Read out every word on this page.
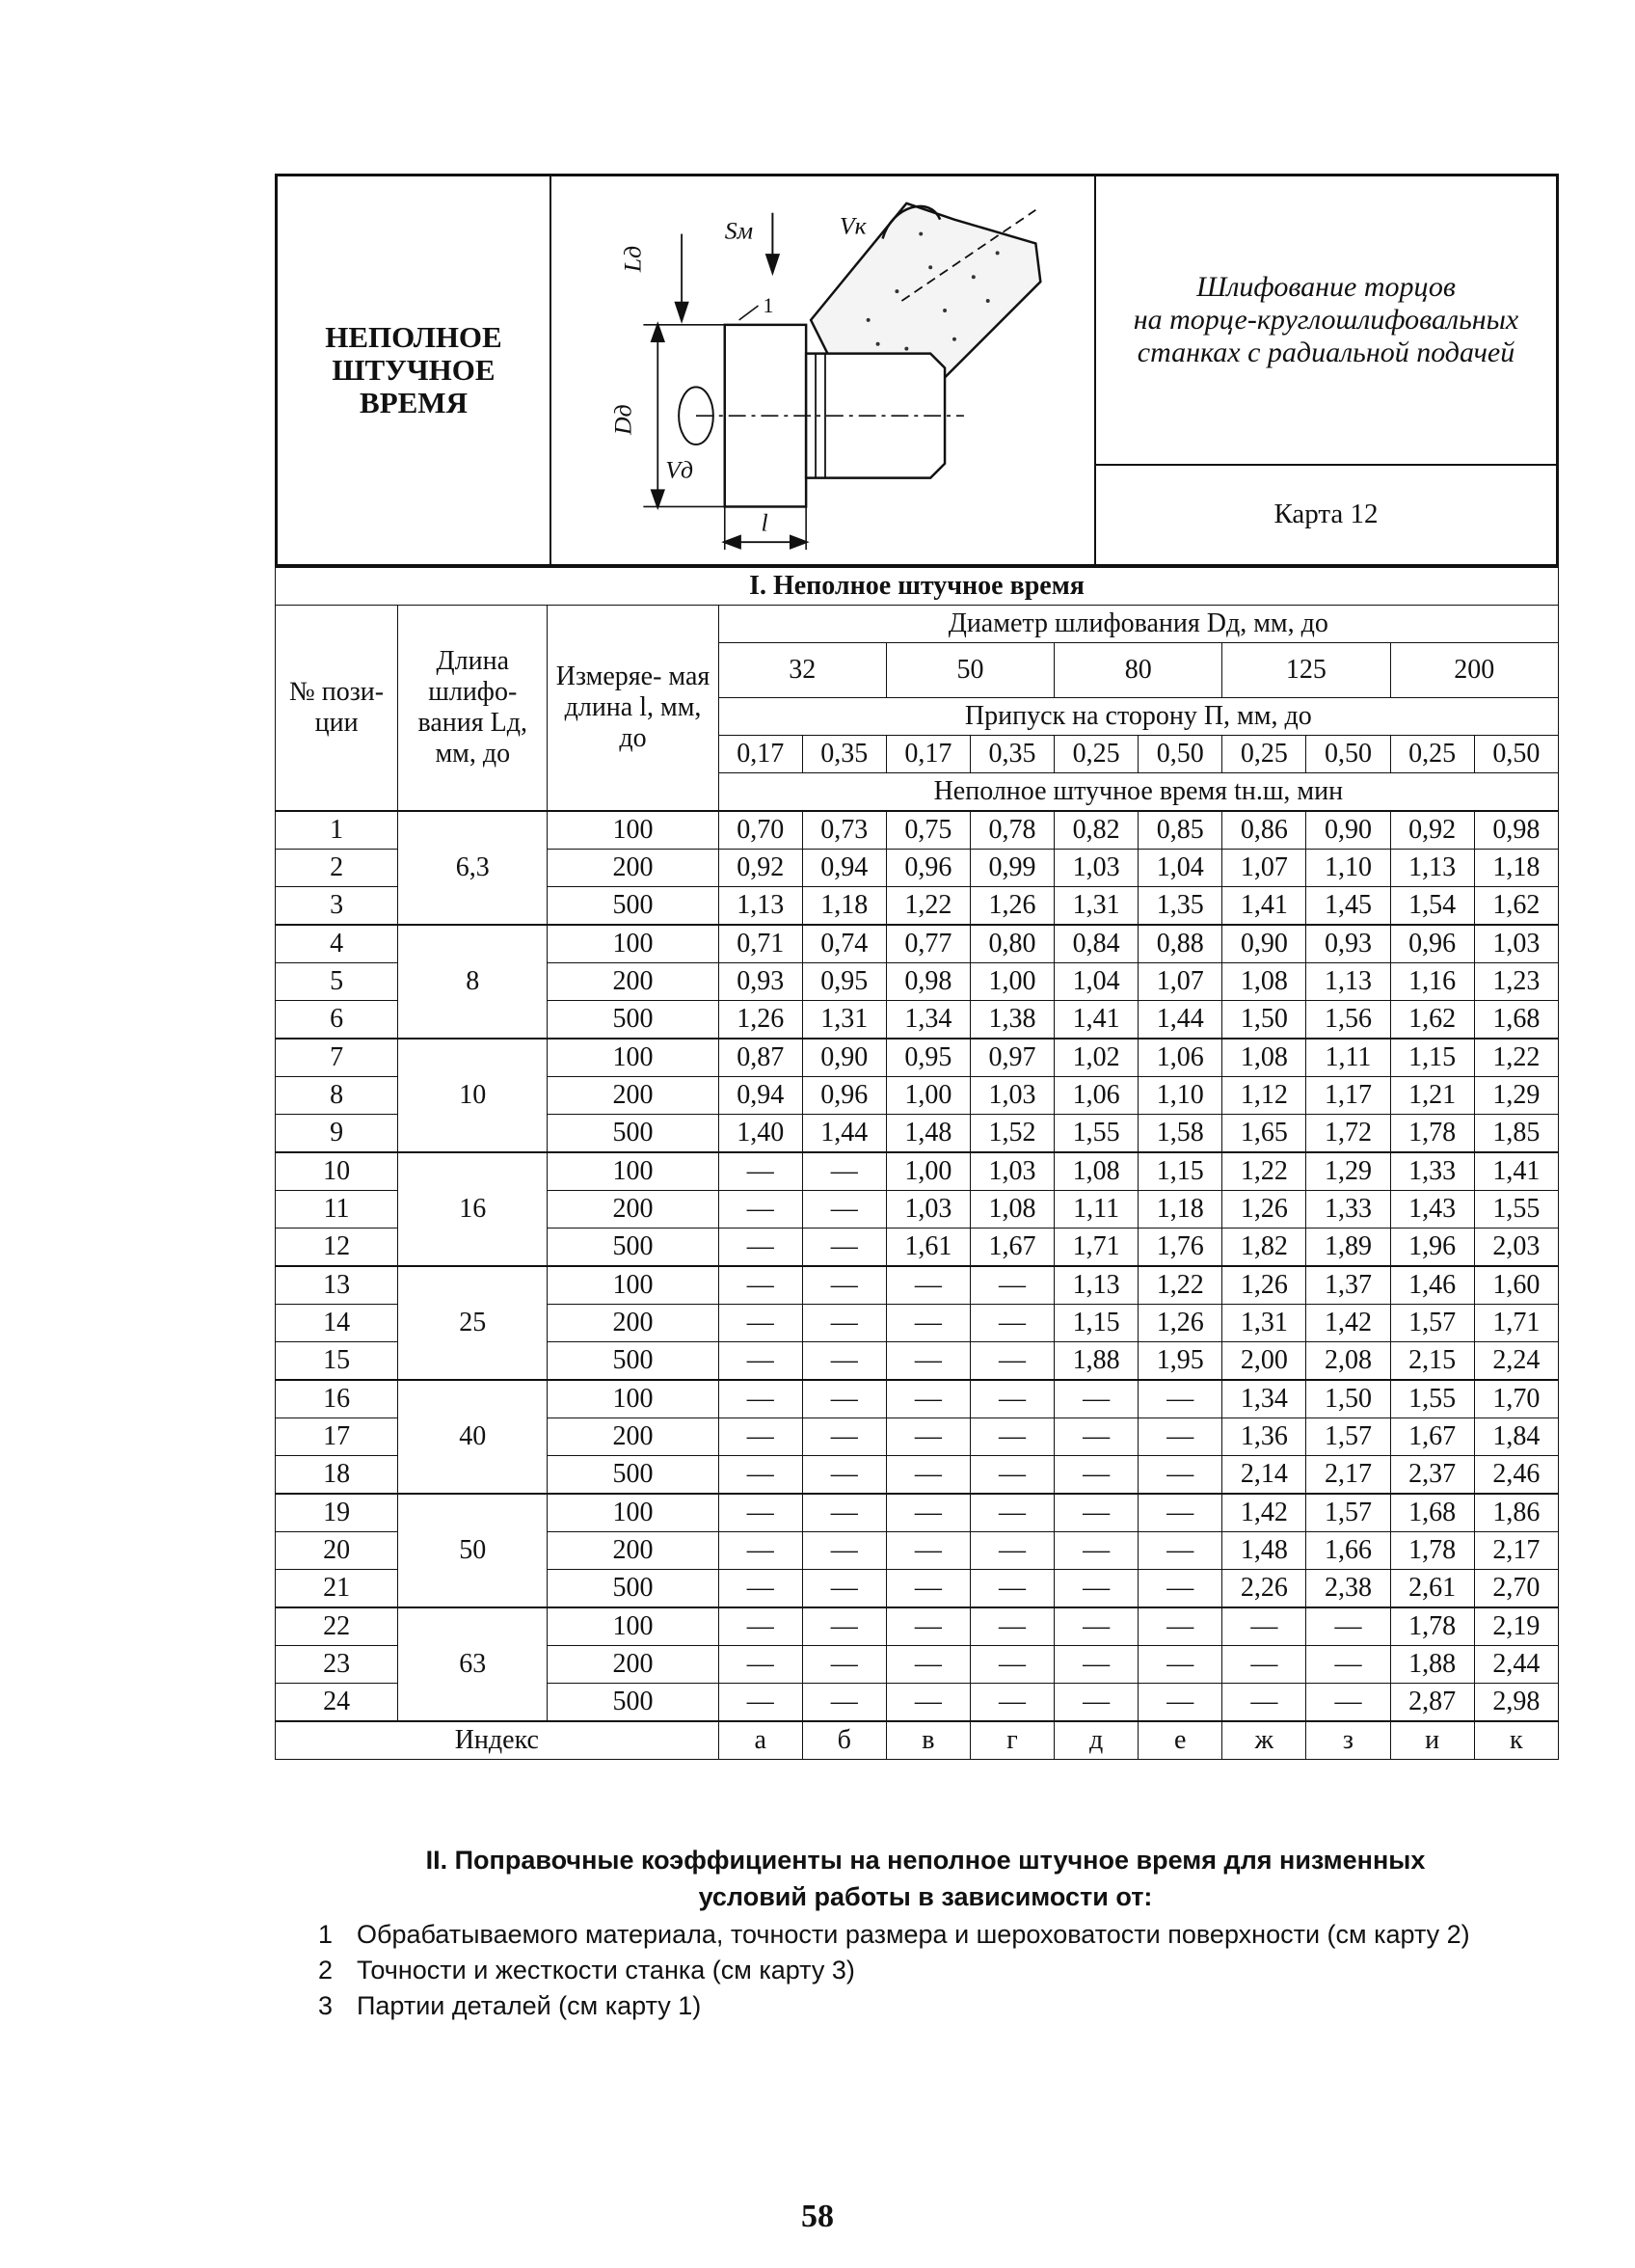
НЕПОЛНОЕ
ШТУЧНОЕ
ВРЕМЯ
Lд
Dд
Vд
Sм	Vк
l
1
Шлифование торцов
на торце-круглошлифовальных
станках с радиальной подачей
Карта 12
I. Неполное штучное время												
№ пози- ции	Длина шлифо- вания Lд, мм, до	Измеряе- мая длина l, мм, до	Диаметр шлифования Dд, мм, до									
			32		50		80		125		200	
			Припуск на сторону П, мм, до									
			0,17	0,35	0,17	0,35	0,25	0,50	0,25	0,50	0,25	0,50
			Неполное штучное время tн.ш, мин									
1	6,3	100	0,70	0,73	0,75	0,78	0,82	0,85	0,86	0,90	0,92	0,98
2		200	0,92	0,94	0,96	0,99	1,03	1,04	1,07	1,10	1,13	1,18
3		500	1,13	1,18	1,22	1,26	1,31	1,35	1,41	1,45	1,54	1,62
4	8	100	0,71	0,74	0,77	0,80	0,84	0,88	0,90	0,93	0,96	1,03
5		200	0,93	0,95	0,98	1,00	1,04	1,07	1,08	1,13	1,16	1,23
6		500	1,26	1,31	1,34	1,38	1,41	1,44	1,50	1,56	1,62	1,68
7	10	100	0,87	0,90	0,95	0,97	1,02	1,06	1,08	1,11	1,15	1,22
8		200	0,94	0,96	1,00	1,03	1,06	1,10	1,12	1,17	1,21	1,29
9		500	1,40	1,44	1,48	1,52	1,55	1,58	1,65	1,72	1,78	1,85
10	16	100	—	—	1,00	1,03	1,08	1,15	1,22	1,29	1,33	1,41
11		200	—	—	1,03	1,08	1,11	1,18	1,26	1,33	1,43	1,55
12		500	—	—	1,61	1,67	1,71	1,76	1,82	1,89	1,96	2,03
13	25	100	—	—	—	—	1,13	1,22	1,26	1,37	1,46	1,60
14		200	—	—	—	—	1,15	1,26	1,31	1,42	1,57	1,71
15		500	—	—	—	—	1,88	1,95	2,00	2,08	2,15	2,24
16	40	100	—	—	—	—	—	—	1,34	1,50	1,55	1,70
17		200	—	—	—	—	—	—	1,36	1,57	1,67	1,84
18		500	—	—	—	—	—	—	2,14	2,17	2,37	2,46
19	50	100	—	—	—	—	—	—	1,42	1,57	1,68	1,86
20		200	—	—	—	—	—	—	1,48	1,66	1,78	2,17
21		500	—	—	—	—	—	—	2,26	2,38	2,61	2,70
22	63	100	—	—	—	—	—	—	—	—	1,78	2,19
23		200	—	—	—	—	—	—	—	—	1,88	2,44
24		500	—	—	—	—	—	—	—	—	2,87	2,98
Индекс			а	б	в	г	д	е	ж	з	и	к
II. Поправочные коэффициенты на неполное штучное время для низменных
условий работы в зависимости от:
1 Обрабатываемого материала, точности размера и шероховатости поверхности (см карту 2)
2 Точности и жесткости станка (см карту 3)
3 Партии деталей (см карту 1)
58
